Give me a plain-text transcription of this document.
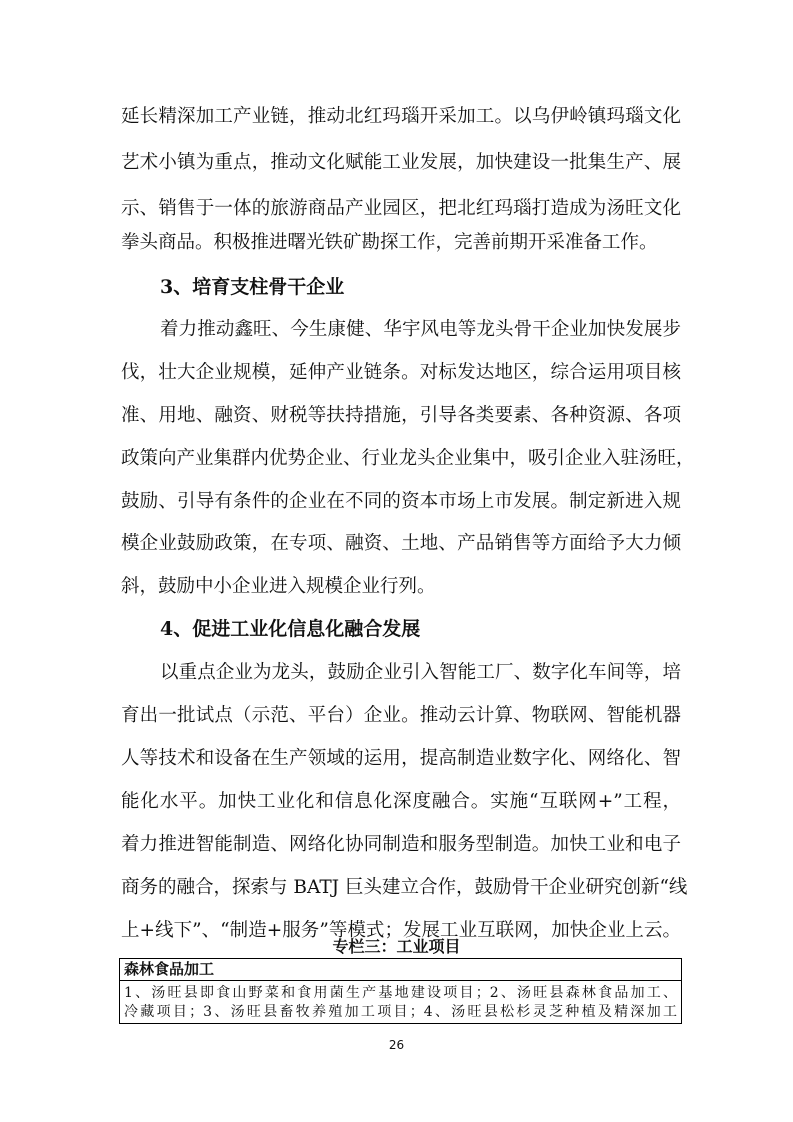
延长精深加工产业链，推动北红玛瑙开采加工。以乌伊岭镇玛瑙文化
艺术小镇为重点，推动文化赋能工业发展，加快建设一批集生产、展
示、销售于一体的旅游商品产业园区，把北红玛瑙打造成为汤旺文化
拳头商品。积极推进曙光铁矿勘探工作，完善前期开采准备工作。
3、培育支柱骨干企业
着力推动鑫旺、今生康健、华宇风电等龙头骨干企业加快发展步
伐，壮大企业规模，延伸产业链条。对标发达地区，综合运用项目核
准、用地、融资、财税等扶持措施，引导各类要素、各种资源、各项
政策向产业集群内优势企业、行业龙头企业集中，吸引企业入驻汤旺，
鼓励、引导有条件的企业在不同的资本市场上市发展。制定新进入规
模企业鼓励政策，在专项、融资、土地、产品销售等方面给予大力倾
斜，鼓励中小企业进入规模企业行列。
4、促进工业化信息化融合发展
以重点企业为龙头，鼓励企业引入智能工厂、数字化车间等，培
育出一批试点（示范、平台）企业。推动云计算、物联网、智能机器
人等技术和设备在生产领域的运用，提高制造业数字化、网络化、智
能化水平。加快工业化和信息化深度融合。实施“互联网+”工程，
着力推进智能制造、网络化协同制造和服务型制造。加快工业和电子
商务的融合，探索与 BATJ 巨头建立合作，鼓励骨干企业研究创新“线
上+线下”、“制造+服务”等模式；发展工业互联网，加快企业上云。
专栏三：工业项目
森林食品加工
1、汤旺县即食山野菜和食用菌生产基地建设项目；2、汤旺县森林食品加工、
冷藏项目；3、汤旺县畜牧养殖加工项目；4、汤旺县松杉灵芝种植及精深加工
26
